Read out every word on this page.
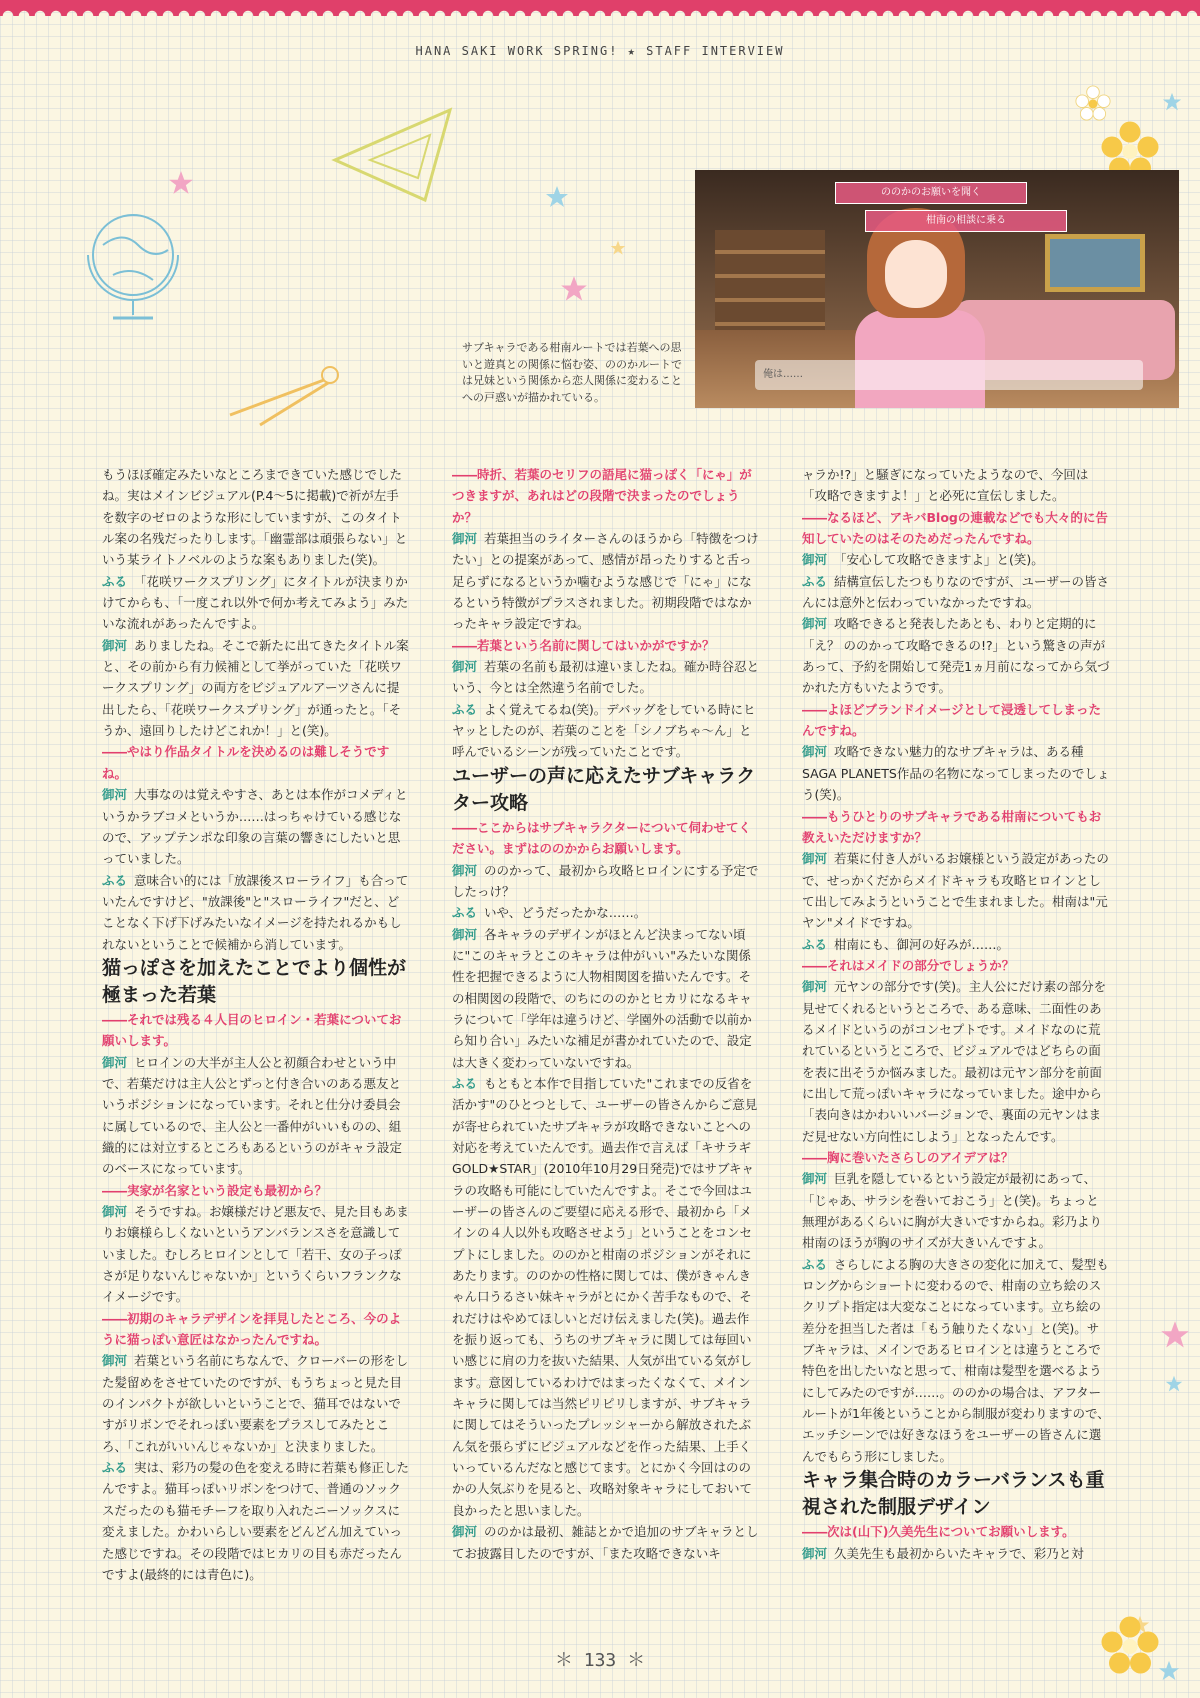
HANA SAKI WORK SPRING! ★ STAFF INTERVIEW
ののかのお願いを聞く
柑南の相談に乗る
俺は……
サブキャラである柑南ルートでは若葉への思いと遊真との関係に悩む姿、ののかルートでは兄妹という関係から恋人関係に変わることへの戸惑いが描かれている。

もうほぼ確定みたいなところまできていた感じでしたね。実はメインビジュアル(P.4〜5に掲載)で祈が左手を数字のゼロのような形にしていますが、このタイトル案の名残だったりします。「幽霊部は頑張らない」という某ライトノベルのような案もありました(笑)。

ふる 「花咲ワークスプリング」にタイトルが決まりかけてからも、「一度これ以外で何か考えてみよう」みたいな流れがあったんですよ。

御河 ありましたね。そこで新たに出てきたタイトル案と、その前から有力候補として挙がっていた「花咲ワークスプリング」の両方をビジュアルアーツさんに提出したら、「花咲ワークスプリング」が通ったと。「そうか、遠回りしたけどこれか！」と(笑)。

――やはり作品タイトルを決めるのは難しそうですね。

御河 大事なのは覚えやすさ、あとは本作がコメディというかラブコメというか……はっちゃけている感じなので、アップテンポな印象の言葉の響きにしたいと思っていました。

ふる 意味合い的には「放課後スローライフ」も合っていたんですけど、"放課後"と"スローライフ"だと、どことなく下げ下げみたいなイメージを持たれるかもしれないということで候補から消しています。

猫っぽさを加えたことでより個性が極まった若葉

――それでは残る４人目のヒロイン・若葉についてお願いします。

御河 ヒロインの大半が主人公と初顔合わせという中で、若葉だけは主人公とずっと付き合いのある悪友というポジションになっています。それと仕分け委員会に属しているので、主人公と一番仲がいいものの、組織的には対立するところもあるというのがキャラ設定のベースになっています。

――実家が名家という設定も最初から？

御河 そうですね。お嬢様だけど悪友で、見た目もあまりお嬢様らしくないというアンバランスさを意識していました。むしろヒロインとして「若干、女の子っぽさが足りないんじゃないか」というくらいフランクなイメージです。

――初期のキャラデザインを拝見したところ、今のように猫っぽい意匠はなかったんですね。

御河 若葉という名前にちなんで、クローバーの形をした髪留めをさせていたのですが、もうちょっと見た目のインパクトが欲しいということで、猫耳ではないですがリボンでそれっぽい要素をプラスしてみたところ、「これがいいんじゃないか」と決まりました。

ふる 実は、彩乃の髪の色を変える時に若葉も修正したんですよ。猫耳っぽいリボンをつけて、普通のソックスだったのも猫モチーフを取り入れたニーソックスに変えました。かわいらしい要素をどんどん加えていった感じですね。その段階ではヒカリの目も赤だったんですよ(最終的には青色に)。

――時折、若葉のセリフの語尾に猫っぽく「にゃ」がつきますが、あれはどの段階で決まったのでしょうか？

御河 若葉担当のライターさんのほうから「特徴をつけたい」との提案があって、感情が昂ったりすると舌っ足らずになるというか噛むような感じで「にゃ」になるという特徴がプラスされました。初期段階ではなかったキャラ設定ですね。

――若葉という名前に関してはいかがですか？

御河 若葉の名前も最初は違いましたね。確か時谷忍という、今とは全然違う名前でした。

ふる よく覚えてるね(笑)。デバッグをしている時にヒヤッとしたのが、若葉のことを「シノブちゃ〜ん」と呼んでいるシーンが残っていたことです。

ユーザーの声に応えたサブキャラクター攻略

――ここからはサブキャラクターについて伺わせてください。まずはののかからお願いします。

御河 ののかって、最初から攻略ヒロインにする予定でしたっけ？

ふる いや、どうだったかな……。

御河 各キャラのデザインがほとんど決まってない頃に"このキャラとこのキャラは仲がいい"みたいな関係性を把握できるように人物相関図を描いたんです。その相関図の段階で、のちにののかとヒカリになるキャラについて「学年は違うけど、学園外の活動で以前から知り合い」みたいな補足が書かれていたので、設定は大きく変わっていないですね。

ふる もともと本作で目指していた"これまでの反省を活かす"のひとつとして、ユーザーの皆さんからご意見が寄せられていたサブキャラが攻略できないことへの対応を考えていたんです。過去作で言えば「キサラギGOLD★STAR」(2010年10月29日発売)ではサブキャラの攻略も可能にしていたんですよ。そこで今回はユーザーの皆さんのご要望に応える形で、最初から「メインの４人以外も攻略させよう」ということをコンセプトにしました。ののかと柑南のポジションがそれにあたります。ののかの性格に関しては、僕がきゃんきゃん口うるさい妹キャラがとにかく苦手なもので、それだけはやめてほしいとだけ伝えました(笑)。過去作を振り返っても、うちのサブキャラに関しては毎回いい感じに肩の力を抜いた結果、人気が出ている気がします。意図しているわけではまったくなくて、メインキャラに関しては当然ピリピリしますが、サブキャラに関してはそういったプレッシャーから解放されたぶん気を張らずにビジュアルなどを作った結果、上手くいっているんだなと感じてます。とにかく今回はののかの人気ぶりを見ると、攻略対象キャラにしておいて良かったと思いました。

御河 ののかは最初、雑誌とかで追加のサブキャラとしてお披露目したのですが、「また攻略できないキ

ャラか!?」と騒ぎになっていたようなので、今回は「攻略できますよ！」と必死に宣伝しました。

――なるほど、アキバBlogの連載などでも大々的に告知していたのはそのためだったんですね。

御河 「安心して攻略できますよ」と(笑)。

ふる 結構宣伝したつもりなのですが、ユーザーの皆さんには意外と伝わっていなかったですね。

御河 攻略できると発表したあとも、わりと定期的に「え？ ののかって攻略できるの!?」という驚きの声があって、予約を開始して発売1ヵ月前になってから気づかれた方もいたようです。

――よほどブランドイメージとして浸透してしまったんですね。

御河 攻略できない魅力的なサブキャラは、ある種SAGA PLANETS作品の名物になってしまったのでしょう(笑)。

――もうひとりのサブキャラである柑南についてもお教えいただけますか？

御河 若葉に付き人がいるお嬢様という設定があったので、せっかくだからメイドキャラも攻略ヒロインとして出してみようということで生まれました。柑南は"元ヤン"メイドですね。

ふる 柑南にも、御河の好みが……。

――それはメイドの部分でしょうか？

御河 元ヤンの部分です(笑)。主人公にだけ素の部分を見せてくれるというところで、ある意味、二面性のあるメイドというのがコンセプトです。メイドなのに荒れているというところで、ビジュアルではどちらの面を表に出そうか悩みました。最初は元ヤン部分を前面に出して荒っぽいキャラになっていました。途中から「表向きはかわいいバージョンで、裏面の元ヤンはまだ見せない方向性にしよう」となったんです。

――胸に巻いたさらしのアイデアは？

御河 巨乳を隠しているという設定が最初にあって、「じゃあ、サラシを巻いておこう」と(笑)。ちょっと無理があるくらいに胸が大きいですからね。彩乃より柑南のほうが胸のサイズが大きいんですよ。

ふる さらしによる胸の大きさの変化に加えて、髪型もロングからショートに変わるので、柑南の立ち絵のスクリプト指定は大変なことになっています。立ち絵の差分を担当した者は「もう触りたくない」と(笑)。サブキャラは、メインであるヒロインとは違うところで特色を出したいなと思って、柑南は髪型を選べるようにしてみたのですが……。ののかの場合は、アフタールートが1年後ということから制服が変わりますので、エッチシーンでは好きなほうをユーザーの皆さんに選んでもらう形にしました。

キャラ集合時のカラーバランスも重視された制服デザイン

――次は(山下)久美先生についてお願いします。

御河 久美先生も最初からいたキャラで、彩乃と対

＊ 133 ＊
